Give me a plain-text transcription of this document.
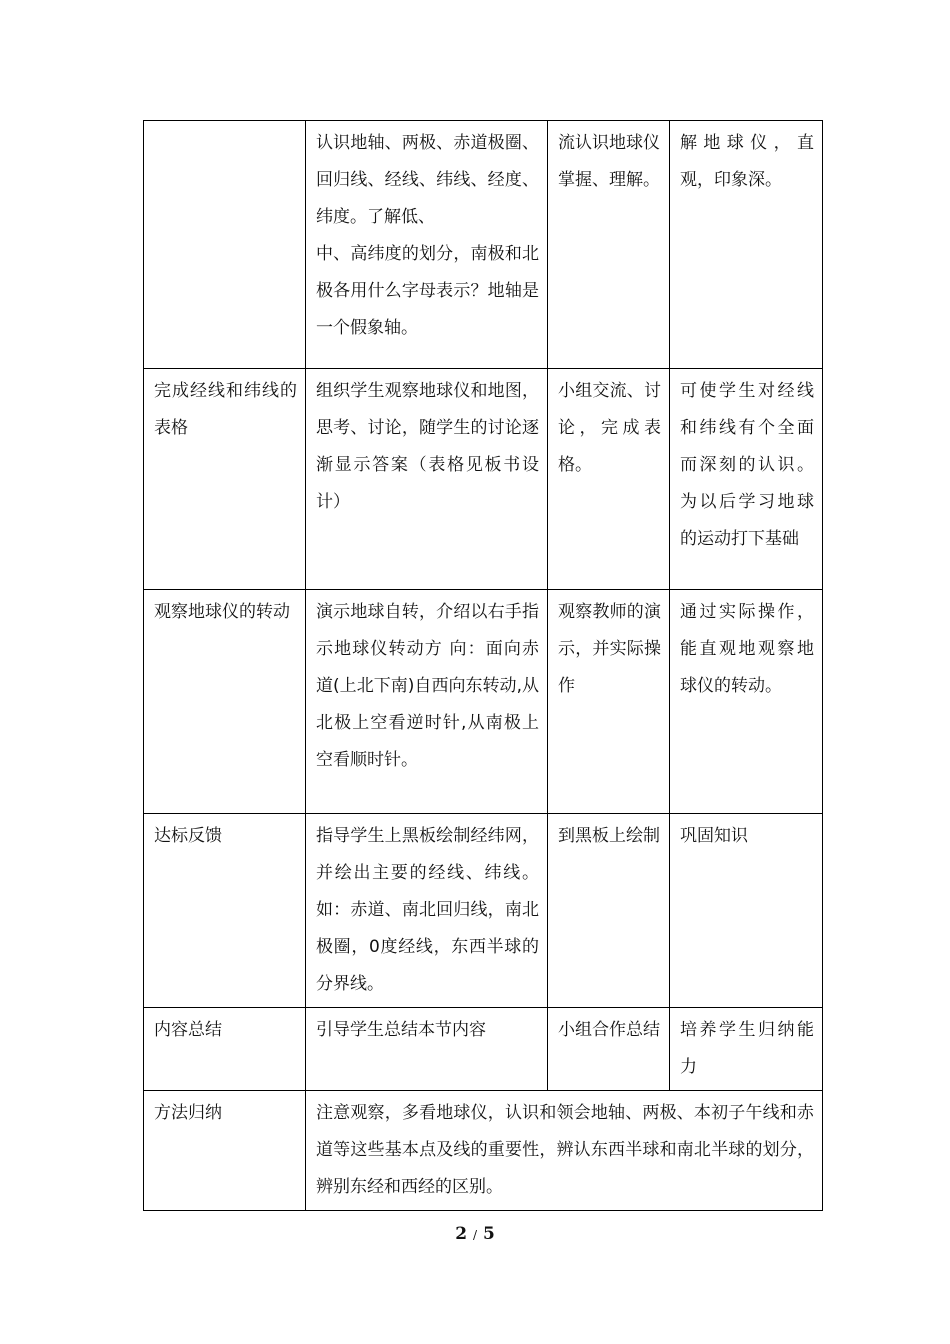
	认识地轴、两极、赤道极圈、回归线、经线、纬线、经度、纬度。了解低、
中、高纬度的划分，南极和北极各用什么字母表示？地轴是一个假象轴。	流认识地球仪
掌握、理解。	解地球仪，直观，印象深。
完成经线和纬线的表格	组织学生观察地球仪和地图，思考、讨论，随学生的讨论逐渐显示答案（表格见板书设计）	小组交流、讨论，完成表格。	可使学生对经线和纬线有个全面而深刻的认识。为以后学习地球的运动打下基础
观察地球仪的转动	演示地球自转，介绍以右手指示地球仪转动方 向：面向赤道(上北下南)自西向东转动,从北极上空看逆时针,从南极上空看顺时针。	观察教师的演示，并实际操作	通过实际操作，能直观地观察地球仪的转动。
达标反馈	指导学生上黑板绘制经纬网，并绘出主要的经线、纬线。如：赤道、南北回归线，南北极圈，0度经线，东西半球的分界线。	到黑板上绘制	巩固知识
内容总结	引导学生总结本节内容	小组合作总结	培养学生归纳能力
方法归纳	注意观察，多看地球仪，认识和领会地轴、两极、本初子午线和赤道等这些基本点及线的重要性，辨认东西半球和南北半球的划分，辨别东经和西经的区别。		
2 / 5
